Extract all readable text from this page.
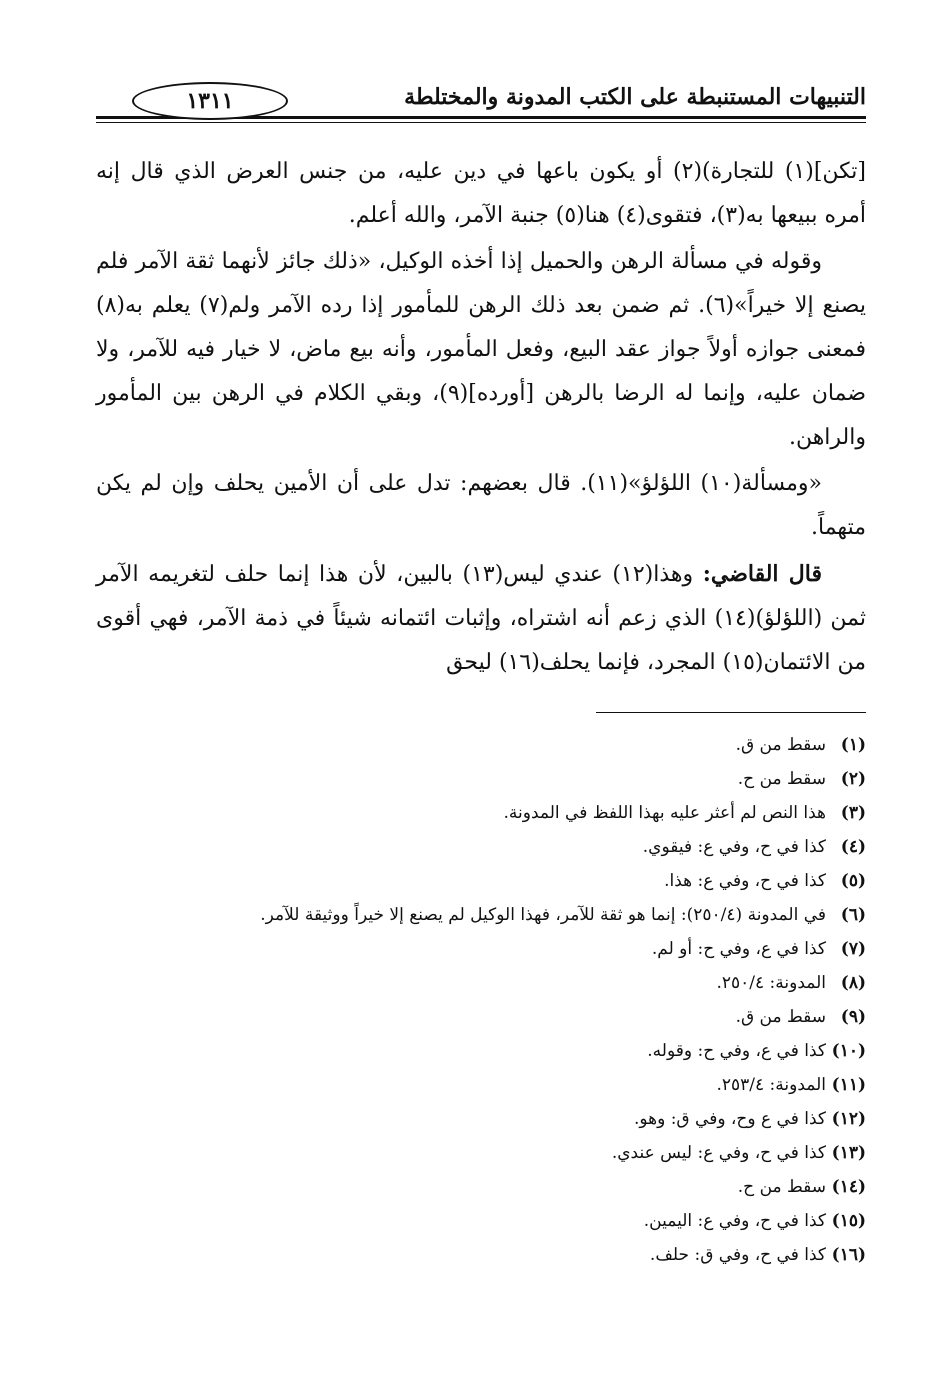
التنبيهات المستنبطة على الكتب المدونة والمختلطة
١٣١١

[تكن](١) للتجارة)(٢) أو يكون باعها في دين عليه، من جنس العرض الذي قال إنه أمره ببيعها به(٣)، فتقوى(٤) هنا(٥) جنبة الآمر، والله أعلم.

وقوله في مسألة الرهن والحميل إذا أخذه الوكيل، «ذلك جائز لأنهما ثقة الآمر فلم يصنع إلا خيراً»(٦). ثم ضمن بعد ذلك الرهن للمأمور إذا رده الآمر ولم(٧) يعلم به(٨) فمعنى جوازه أولاً جواز عقد البيع، وفعل المأمور، وأنه بيع ماض، لا خيار فيه للآمر، ولا ضمان عليه، وإنما له الرضا بالرهن [أورده](٩)، وبقي الكلام في الرهن بين المأمور والراهن.

«ومسألة(١٠) اللؤلؤ»(١١). قال بعضهم: تدل على أن الأمين يحلف وإن لم يكن متهماً.

قال القاضي: وهذا(١٢) عندي ليس(١٣) بالبين، لأن هذا إنما حلف لتغريمه الآمر ثمن (اللؤلؤ)(١٤) الذي زعم أنه اشتراه، وإثبات ائتمانه شيئاً في ذمة الآمر، فهي أقوى من الائتمان(١٥) المجرد، فإنما يحلف(١٦) ليحق

(١)
سقط من ق.
(٢)
سقط من ح.
(٣)
هذا النص لم أعثر عليه بهذا اللفظ في المدونة.
(٤)
كذا في ح، وفي ع: فيقوي.
(٥)
كذا في ح، وفي ع: هذا.
(٦)
في المدونة (٢٥٠/٤): إنما هو ثقة للآمر، فهذا الوكيل لم يصنع إلا خيراً ووثيقة للآمر.
(٧)
كذا في ع، وفي ح: أو لم.
(٨)
المدونة: ٢٥٠/٤.
(٩)
سقط من ق.
(١٠)
كذا في ع، وفي ح: وقوله.
(١١)
المدونة: ٢٥٣/٤.
(١٢)
كذا في ع وح، وفي ق: وهو.
(١٣)
كذا في ح، وفي ع: ليس عندي.
(١٤)
سقط من ح.
(١٥)
كذا في ح، وفي ع: اليمين.
(١٦)
كذا في ح، وفي ق: حلف.
